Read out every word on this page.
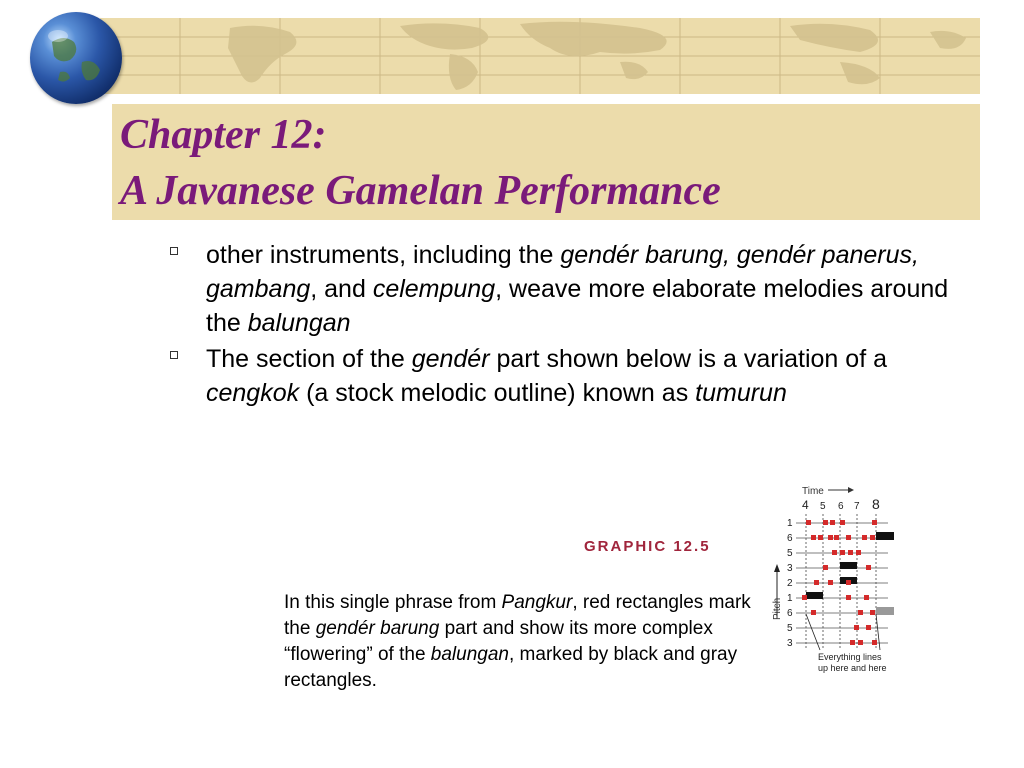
Chapter 12:
A Javanese Gamelan Performance
other instruments, including the gendér barung, gendér panerus, gambang, and celempung, weave more elaborate melodies around the balungan
The section of the gendér part shown below is a variation of a cengkok (a stock melodic outline) known as tumurun
GRAPHIC 12.5
In this single phrase from Pangkur, red rectangles mark the gendér barung part and show its more complex “flowering” of the balungan, marked by black and gray rectangles.
Time
4 5 6 7 8
1
6
5
3
2
1
6
5
3
Pitch
Everything lines
up here and here
